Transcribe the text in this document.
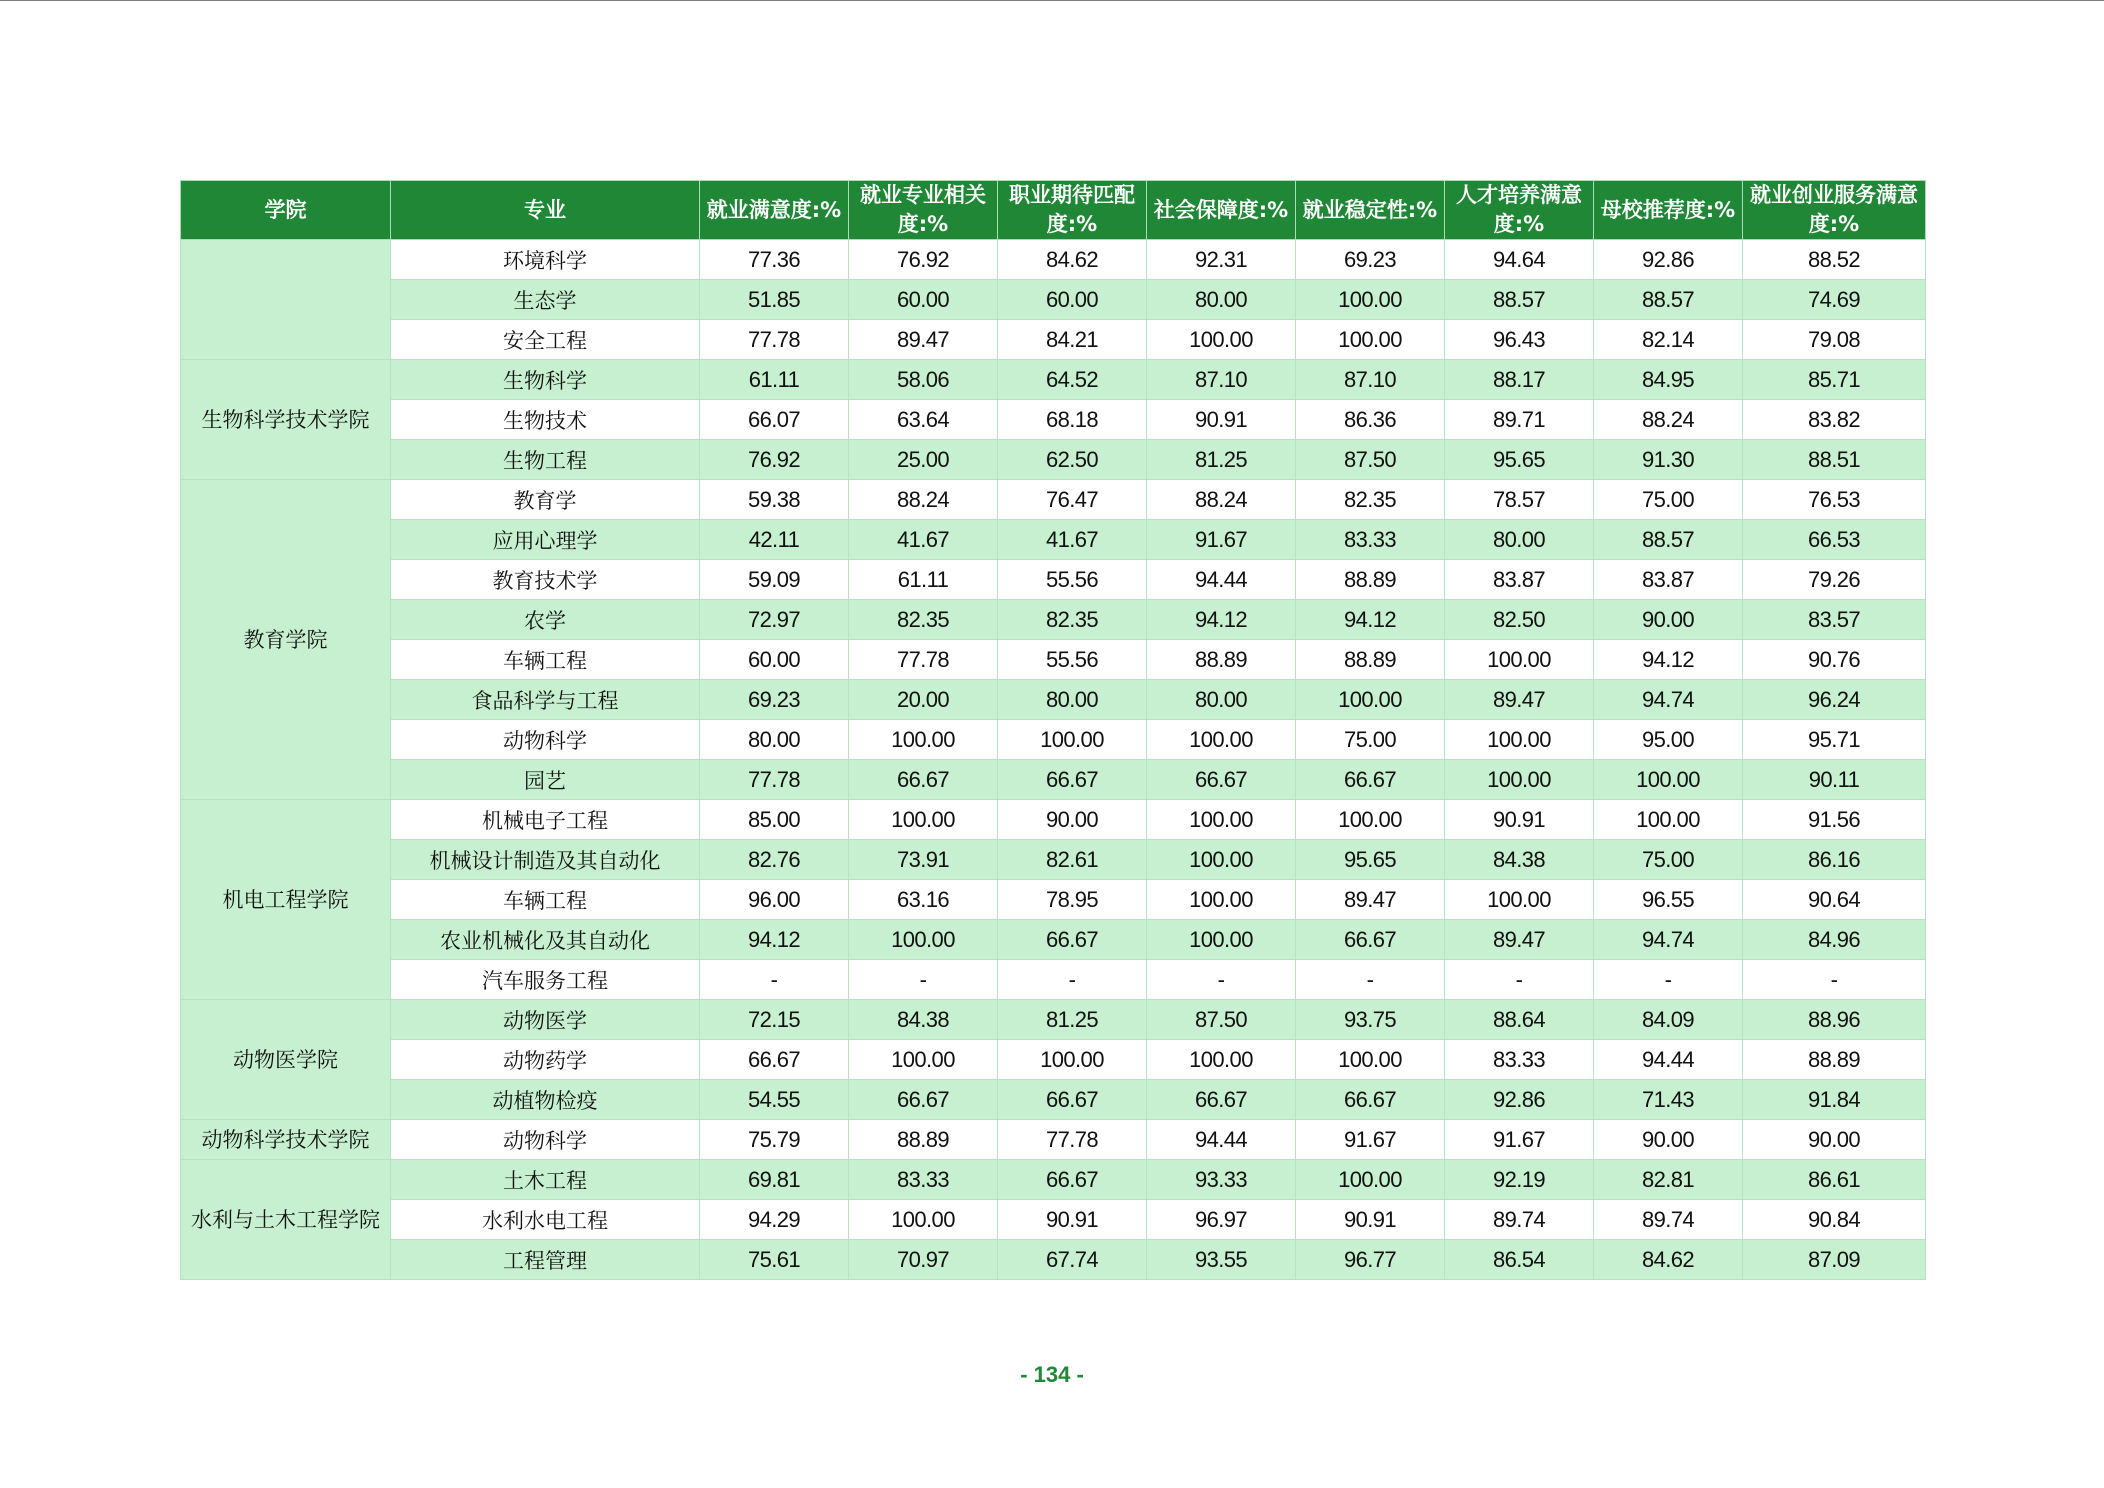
学院	专业	就业满意度:%	就业专业相关度:%	职业期待匹配度:%	社会保障度:%	就业稳定性:%	人才培养满意度:%	母校推荐度:%	就业创业服务满意度:%
	环境科学	77.36	76.92	84.62	92.31	69.23	94.64	92.86	88.52
	生态学	51.85	60.00	60.00	80.00	100.00	88.57	88.57	74.69
	安全工程	77.78	89.47	84.21	100.00	100.00	96.43	82.14	79.08
生物科学技术学院	生物科学	61.11	58.06	64.52	87.10	87.10	88.17	84.95	85.71
	生物技术	66.07	63.64	68.18	90.91	86.36	89.71	88.24	83.82
	生物工程	76.92	25.00	62.50	81.25	87.50	95.65	91.30	88.51
教育学院	教育学	59.38	88.24	76.47	88.24	82.35	78.57	75.00	76.53
	应用心理学	42.11	41.67	41.67	91.67	83.33	80.00	88.57	66.53
	教育技术学	59.09	61.11	55.56	94.44	88.89	83.87	83.87	79.26
	农学	72.97	82.35	82.35	94.12	94.12	82.50	90.00	83.57
	车辆工程	60.00	77.78	55.56	88.89	88.89	100.00	94.12	90.76
	食品科学与工程	69.23	20.00	80.00	80.00	100.00	89.47	94.74	96.24
	动物科学	80.00	100.00	100.00	100.00	75.00	100.00	95.00	95.71
	园艺	77.78	66.67	66.67	66.67	66.67	100.00	100.00	90.11
机电工程学院	机械电子工程	85.00	100.00	90.00	100.00	100.00	90.91	100.00	91.56
	机械设计制造及其自动化	82.76	73.91	82.61	100.00	95.65	84.38	75.00	86.16
	车辆工程	96.00	63.16	78.95	100.00	89.47	100.00	96.55	90.64
	农业机械化及其自动化	94.12	100.00	66.67	100.00	66.67	89.47	94.74	84.96
	汽车服务工程	-	-	-	-	-	-	-	-
动物医学院	动物医学	72.15	84.38	81.25	87.50	93.75	88.64	84.09	88.96
	动物药学	66.67	100.00	100.00	100.00	100.00	83.33	94.44	88.89
	动植物检疫	54.55	66.67	66.67	66.67	66.67	92.86	71.43	91.84
动物科学技术学院	动物科学	75.79	88.89	77.78	94.44	91.67	91.67	90.00	90.00
水利与土木工程学院	土木工程	69.81	83.33	66.67	93.33	100.00	92.19	82.81	86.61
	水利水电工程	94.29	100.00	90.91	96.97	90.91	89.74	89.74	90.84
	工程管理	75.61	70.97	67.74	93.55	96.77	86.54	84.62	87.09
- 134 -
